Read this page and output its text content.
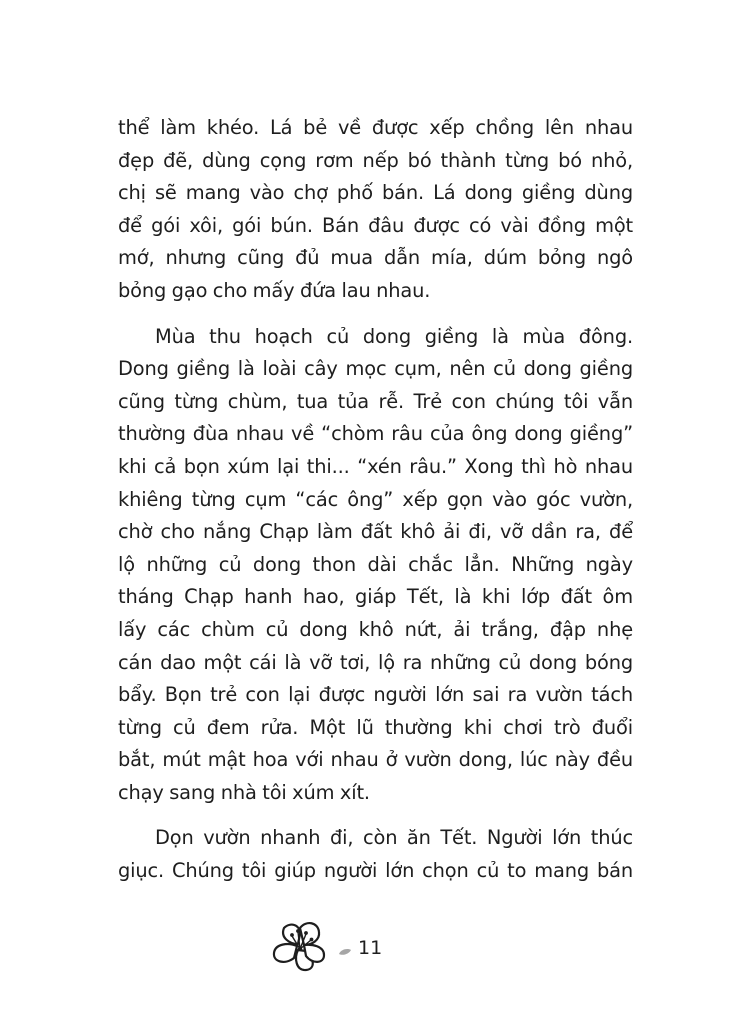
thể làm khéo. Lá bẻ về được xếp chồng lên nhau
đẹp đẽ, dùng cọng rơm nếp bó thành từng bó nhỏ,
chị sẽ mang vào chợ phố bán. Lá dong giềng dùng
để gói xôi, gói bún. Bán đâu được có vài đồng một
mớ, nhưng cũng đủ mua dẫn mía, dúm bỏng ngô
bỏng gạo cho mấy đứa lau nhau.
Mùa thu hoạch củ dong giềng là mùa đông.
Dong giềng là loài cây mọc cụm, nên củ dong giềng
cũng từng chùm, tua tủa rễ. Trẻ con chúng tôi vẫn
thường đùa nhau về “chòm râu của ông dong giềng”
khi cả bọn xúm lại thi... “xén râu.” Xong thì hò nhau
khiêng từng cụm “các ông” xếp gọn vào góc vườn,
chờ cho nắng Chạp làm đất khô ải đi, vỡ dần ra, để
lộ những củ dong thon dài chắc lẳn. Những ngày
tháng Chạp hanh hao, giáp Tết, là khi lớp đất ôm
lấy các chùm củ dong khô nứt, ải trắng, đập nhẹ
cán dao một cái là vỡ tơi, lộ ra những củ dong bóng
bẩy. Bọn trẻ con lại được người lớn sai ra vườn tách
từng củ đem rửa. Một lũ thường khi chơi trò đuổi
bắt, mút mật hoa với nhau ở vườn dong, lúc này đều
chạy sang nhà tôi xúm xít.
Dọn vườn nhanh đi, còn ăn Tết. Người lớn thúc
giục. Chúng tôi giúp người lớn chọn củ to mang bán
11
